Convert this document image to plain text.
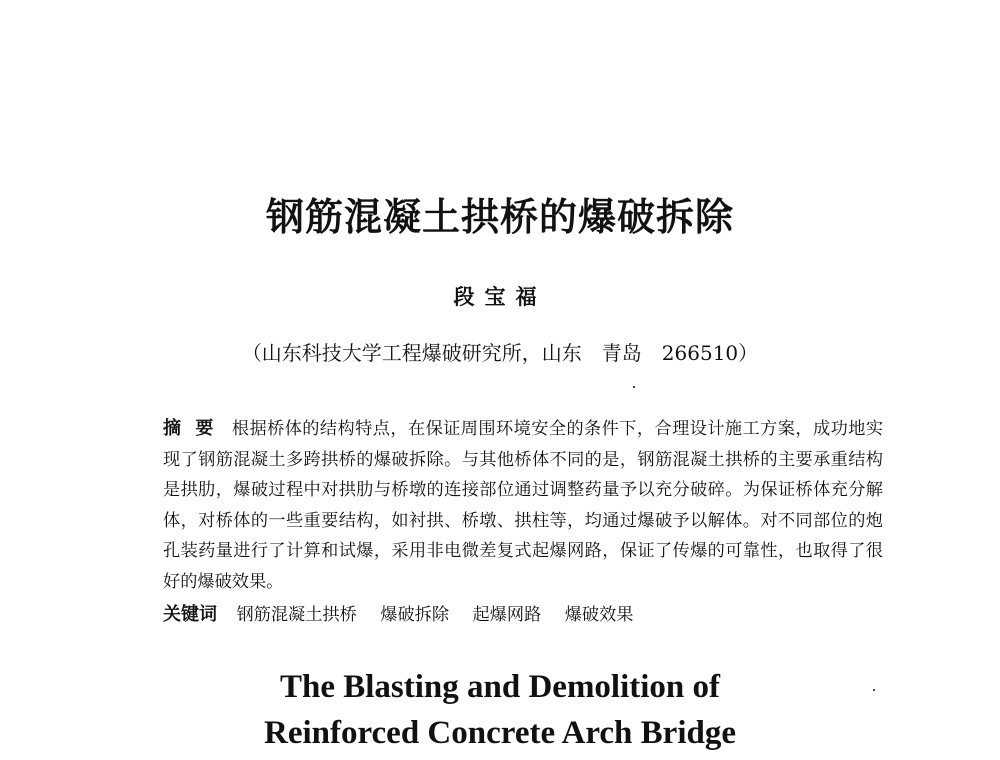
钢筋混凝土拱桥的爆破拆除
段宝福
（山东科技大学工程爆破研究所，山东　青岛　266510）
摘要 根据桥体的结构特点，在保证周围环境安全的条件下，合理设计施工方案，成功地实现了钢筋混凝土多跨拱桥的爆破拆除。与其他桥体不同的是，钢筋混凝土拱桥的主要承重结构是拱肋，爆破过程中对拱肋与桥墩的连接部位通过调整药量予以充分破碎。为保证桥体充分解体，对桥体的一些重要结构，如衬拱、桥墩、拱柱等，均通过爆破予以解体。对不同部位的炮孔装药量进行了计算和试爆，采用非电微差复式起爆网路，保证了传爆的可靠性，也取得了很好的爆破效果。
关键词 钢筋混凝土拱桥 爆破拆除 起爆网路 爆破效果
The Blasting and Demolition of
Reinforced Concrete Arch Bridge
